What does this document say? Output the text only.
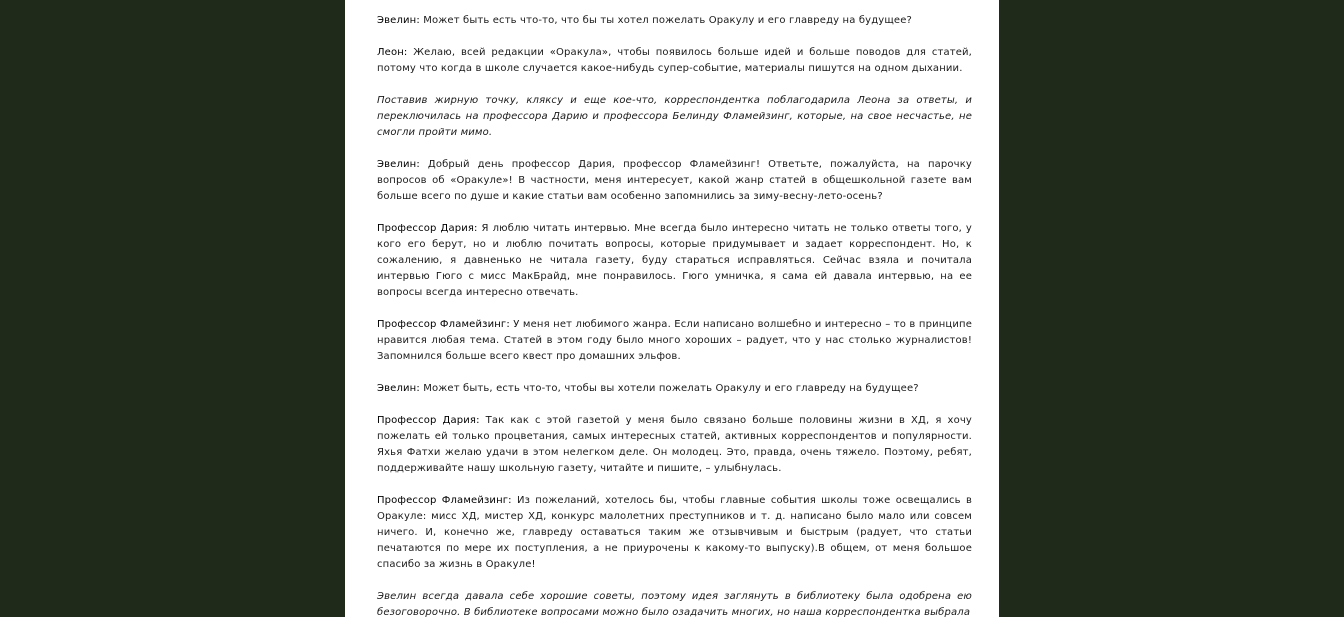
Эвелин: Может быть есть что-то, что бы ты хотел пожелать Оракулу и его главреду на будущее?

Леон: Желаю, всей редакции «Оракула», чтобы появилось больше идей и больше поводов для статей, потому что когда в школе случается какое-нибудь супер-событие, материалы пишутся на одном дыхании.

Поставив жирную точку, кляксу и еще кое-что, корреспондентка поблагодарила Леона за ответы, и переключилась на профессора Дарию и профессора Белинду Фламейзинг, которые, на свое несчастье, не смогли пройти мимо.

Эвелин: Добрый день профессор Дария, профессор Фламейзинг! Ответьте, пожалуйста, на парочку вопросов об «Оракуле»! В частности, меня интересует, какой жанр статей в общешкольной газете вам больше всего по душе и какие статьи вам особенно запомнились за зиму-весну-лето-осень?

Профессор Дария: Я люблю читать интервью. Мне всегда было интересно читать не только ответы того, у кого его берут, но и люблю почитать вопросы, которые придумывает и задает корреспондент. Но, к сожалению, я давненько не читала газету, буду стараться исправляться. Сейчас взяла и почитала интервью Гюго с мисс МакБрайд, мне понравилось. Гюго умничка, я сама ей давала интервью, на ее вопросы всегда интересно отвечать.

Профессор Фламейзинг: У меня нет любимого жанра. Если написано волшебно и интересно – то в принципе нравится любая тема. Статей в этом году было много хороших – радует, что у нас столько журналистов! Запомнился больше всего квест про домашних эльфов.

Эвелин: Может быть, есть что-то, чтобы вы хотели пожелать Оракулу и его главреду на будущее?

Профессор Дария: Так как с этой газетой у меня было связано больше половины жизни в ХД, я хочу пожелать ей только процветания, самых интересных статей, активных корреспондентов и популярности. Яхья Фатхи желаю удачи в этом нелегком деле. Он молодец. Это, правда, очень тяжело. Поэтому, ребят, поддерживайте нашу школьную газету, читайте и пишите, – улыбнулась.

Профессор Фламейзинг: Из пожеланий, хотелось бы, чтобы главные события школы тоже освещались в Оракуле: мисс ХД, мистер ХД, конкурс малолетних преступников и т. д. написано было мало или совсем ничего. И, конечно же, главреду оставаться таким же отзывчивым и быстрым (радует, что статьи печатаются по мере их поступления, а не приурочены к какому-то выпуску).В общем, от меня большое спасибо за жизнь в Оракуле!

Эвелин всегда давала себе хорошие советы, поэтому идея заглянуть в библиотеку была одобрена ею безоговорочно. В библиотеке вопросами можно было озадачить многих, но наша корреспондентка выбрала
